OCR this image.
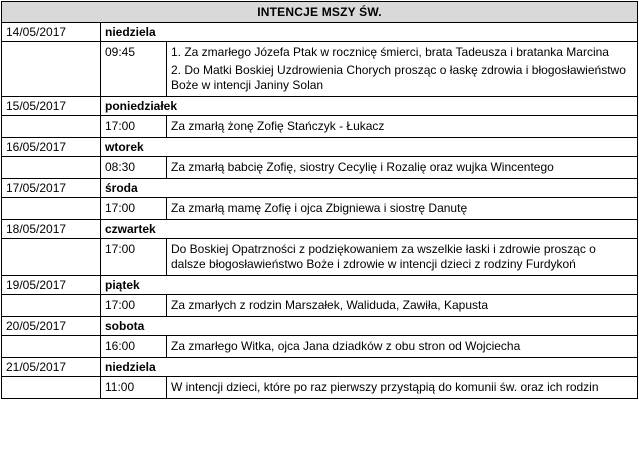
INTENCJE MSZY ŚW.		
14/05/2017	niedziela	
	09:45	1. Za zmarłego Józefa Ptak w rocznicę śmierci, brata Tadeusza i bratanka Marcina
2. Do Matki Boskiej Uzdrowienia Chorych prosząc o łaskę zdrowia i błogosławieństwo Boże w intencji Janiny Solan

15/05/2017	poniedziałek	
	17:00	Za zmarłą żonę Zofię Stańczyk - Łukacz

16/05/2017	wtorek	
	08:30	Za zmarłą babcię Zofię, siostry Cecylię i Rozalię oraz wujka Wincentego

17/05/2017	środa	
	17:00	Za zmarłą mamę Zofię i ojca Zbigniewa i siostrę Danutę

18/05/2017	czwartek	
	17:00	Do Boskiej Opatrzności z podziękowaniem za wszelkie łaski i zdrowie prosząc o dalsze błogosławieństwo Boże i zdrowie w intencji dzieci z rodziny Furdykoń

19/05/2017	piątek	
	17:00	Za zmarłych z rodzin Marszałek, Waliduda, Zawiła, Kapusta

20/05/2017	sobota	
	16:00	Za zmarłego Witka, ojca Jana dziadków z obu stron od Wojciecha

21/05/2017	niedziela	
	11:00	W intencji dzieci, które po raz pierwszy przystąpią do komunii św. oraz ich rodzin
